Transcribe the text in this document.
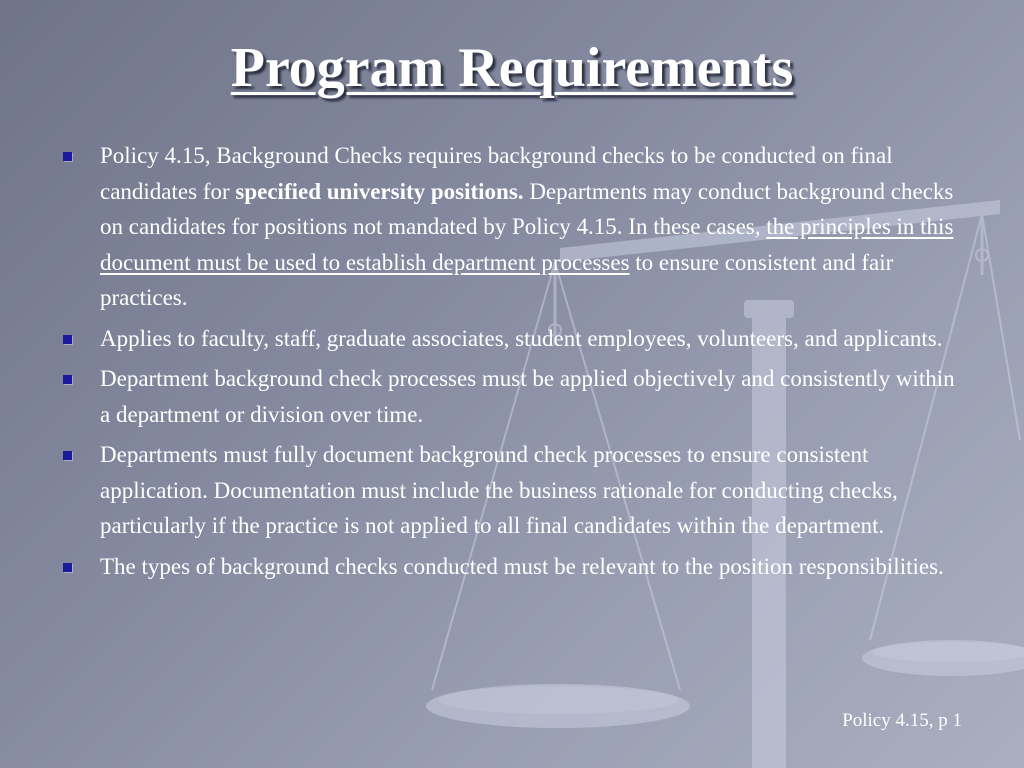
Program Requirements
Policy 4.15, Background Checks requires background checks to be conducted on final candidates for specified university positions. Departments may conduct background checks on candidates for positions not mandated by Policy 4.15. In these cases, the principles in this document must be used to establish department processes to ensure consistent and fair practices.
Applies to faculty, staff, graduate associates, student employees, volunteers, and applicants.
Department background check processes must be applied objectively and consistently within a department or division over time.
Departments must fully document background check processes to ensure consistent application. Documentation must include the business rationale for conducting checks, particularly if the practice is not applied to all final candidates within the department.
The types of background checks conducted must be relevant to the position responsibilities.
Policy 4.15, p 1
